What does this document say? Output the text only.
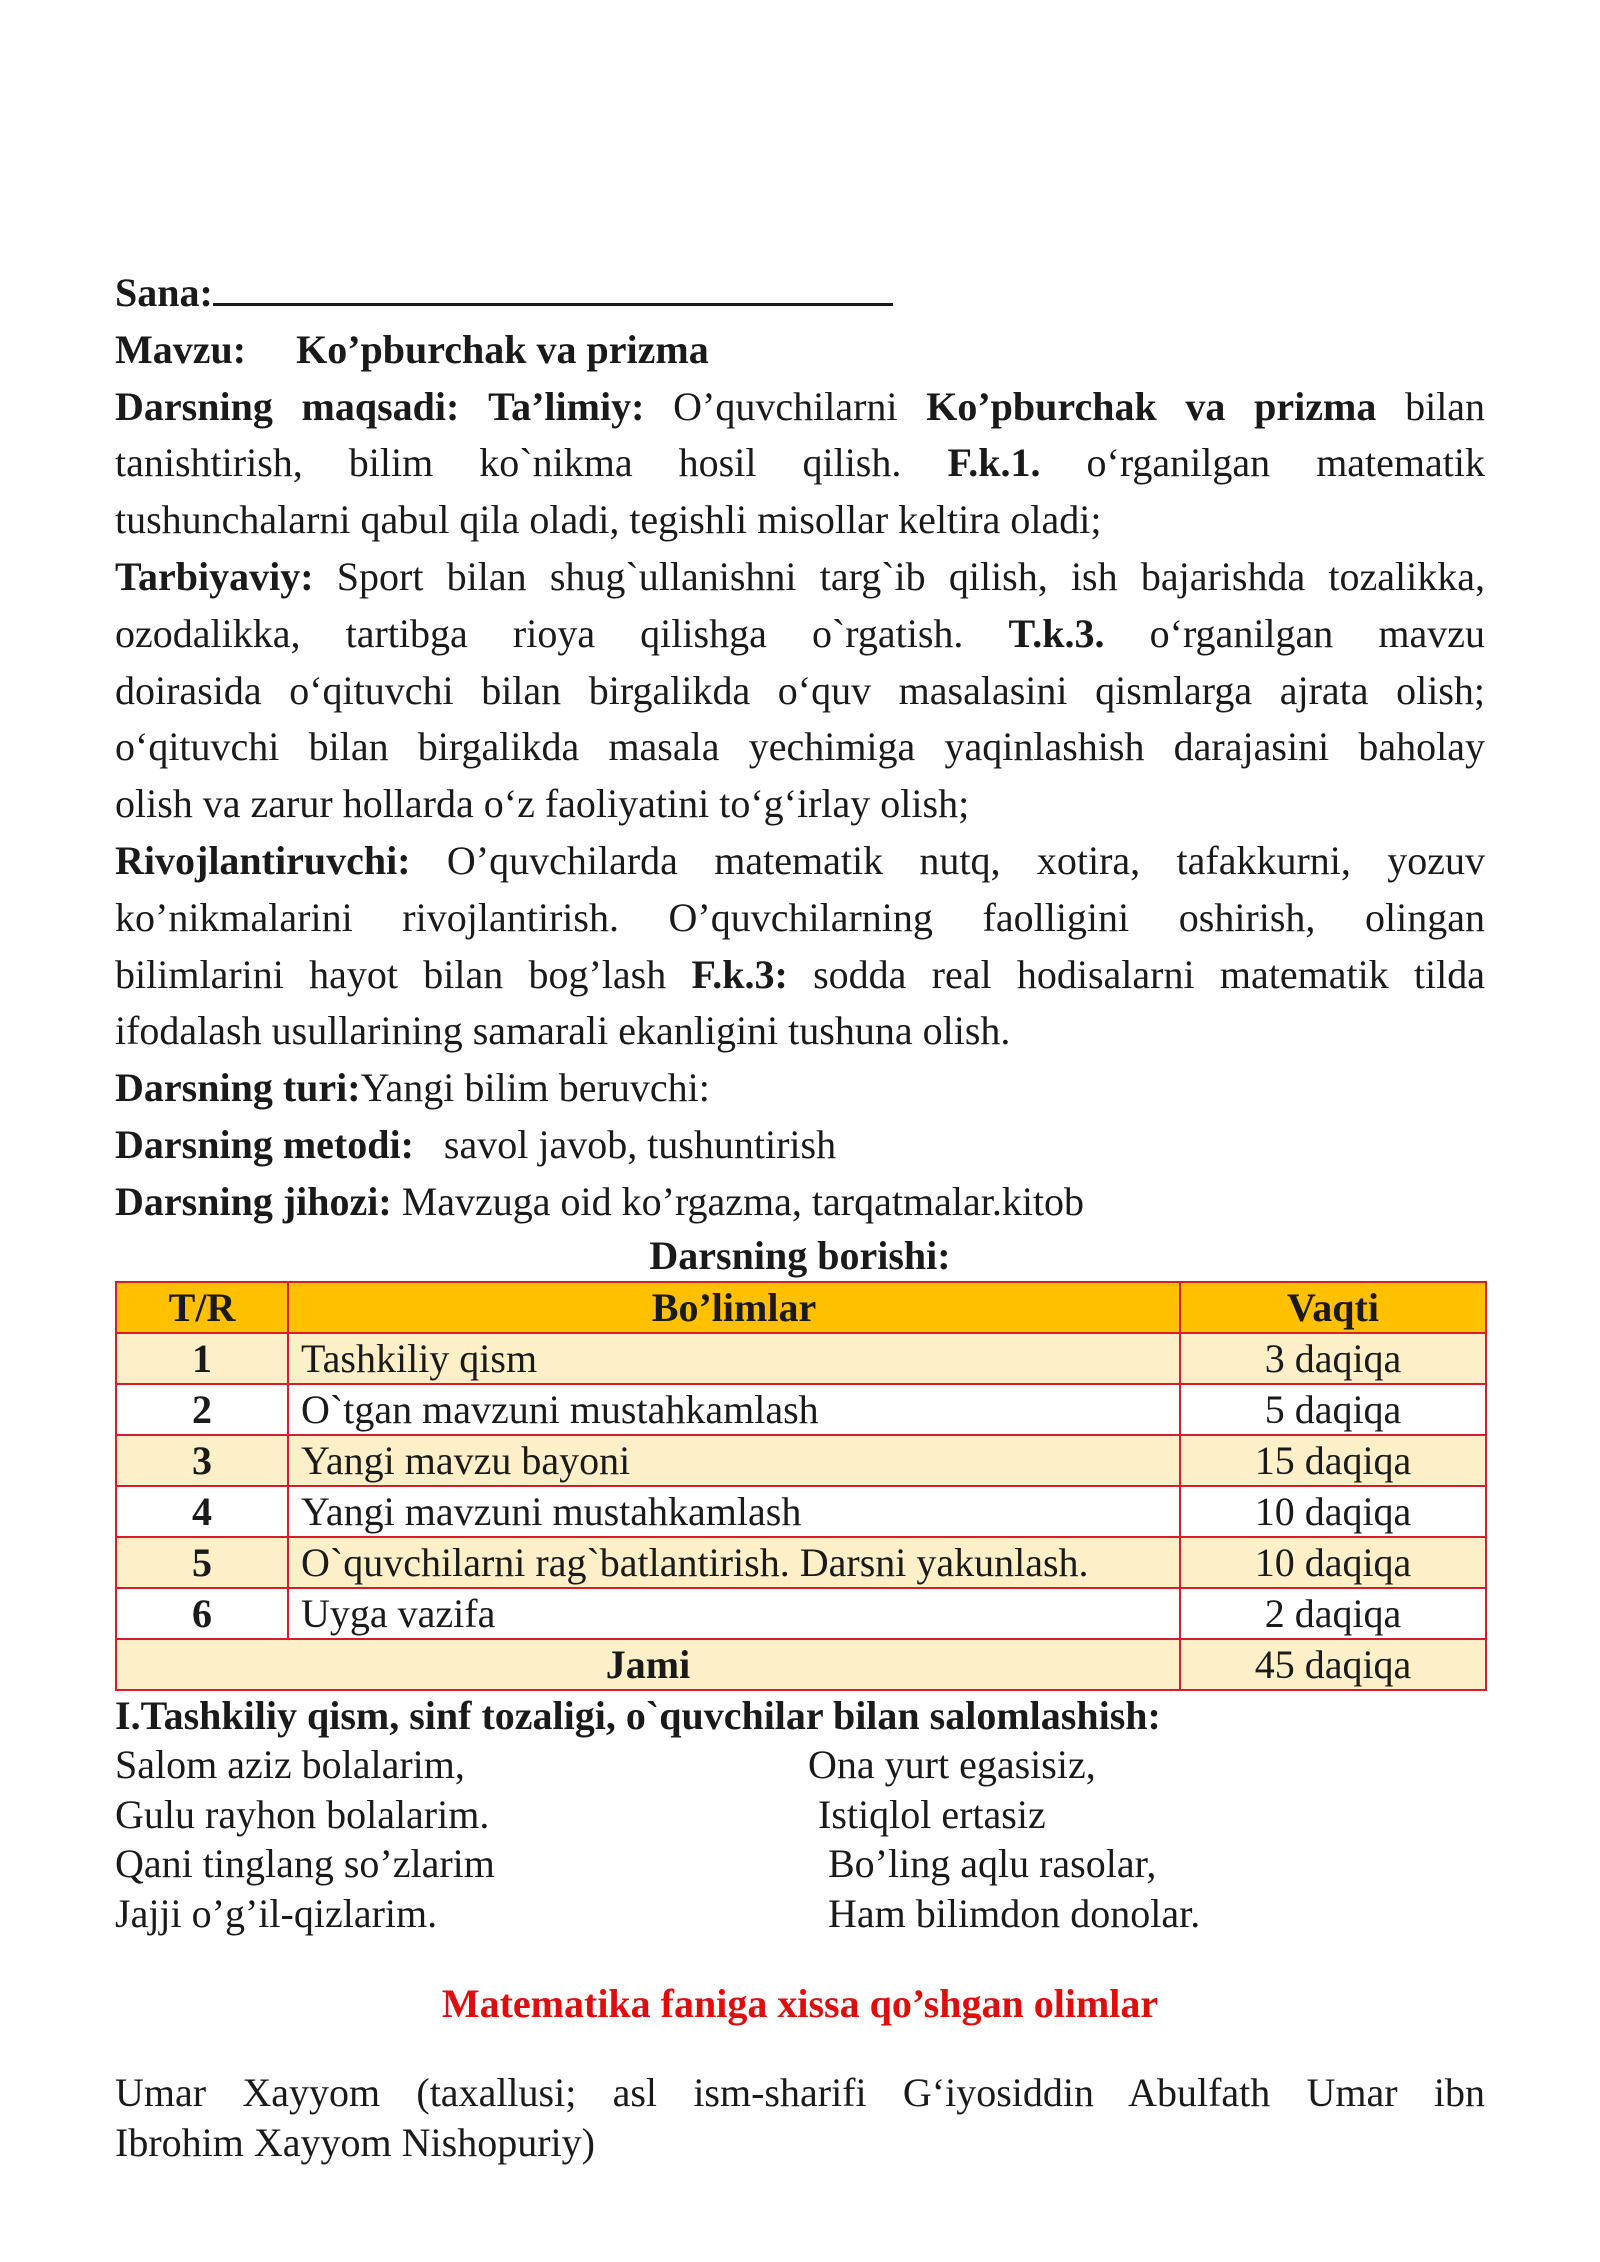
Sana:

Mavzu: Ko’pburchak va prizma

Darsning maqsadi: Ta’limiy: O’quvchilarni Ko’pburchak va prizma bilan

tanishtirish, bilim ko`nikma hosil qilish. F.k.1. o‘rganilgan matematik

tushunchalarni qabul qila oladi, tegishli misollar keltira oladi;

Tarbiyaviy: Sport bilan shug`ullanishni targ`ib qilish, ish bajarishda tozalikka,

ozodalikka, tartibga rioya qilishga o`rgatish. T.k.3. o‘rganilgan mavzu

doirasida o‘qituvchi bilan birgalikda o‘quv masalasini qismlarga ajrata olish;

o‘qituvchi bilan birgalikda masala yechimiga yaqinlashish darajasini baholay

olish va zarur hollarda o‘z faoliyatini to‘g‘irlay olish;

Rivojlantiruvchi: O’quvchilarda matematik nutq, xotira, tafakkurni, yozuv

ko’nikmalarini rivojlantirish. O’quvchilarning faolligini oshirish, olingan

bilimlarini hayot bilan bog’lash F.k.3: sodda real hodisalarni matematik tilda

ifodalash usullarining samarali ekanligini tushuna olish.

Darsning turi:Yangi bilim beruvchi:

Darsning metodi: savol javob, tushuntirish

Darsning jihozi: Mavzuga oid ko’rgazma, tarqatmalar.kitob

Darsning borishi:

T/R	Bo’limlar	Vaqti
1	Tashkiliy qism	3 daqiqa
2	O`tgan mavzuni mustahkamlash	5 daqiqa
3	Yangi mavzu bayoni	15 daqiqa
4	Yangi mavzuni mustahkamlash	10 daqiqa
5	O`quvchilarni rag`batlantirish. Darsni yakunlash.	10 daqiqa
6	Uyga vazifa	2 daqiqa
Jami		45 daqiqa

I.Tashkiliy qism, sinf tozaligi, o`quvchilar bilan salomlashish:

Salom aziz bolalarim,	Ona yurt egasisiz,
Gulu rayhon bolalarim.	Istiqlol ertasiz
Qani tinglang so’zlarim	Bo’ling aqlu rasolar,
Jajji o’g’il-qizlarim.	Ham bilimdon donolar.

Matematika faniga xissa qo’shgan olimlar

Umar Xayyom (taxallusi; asl ism-sharifi G‘iyosiddin Abulfath Umar ibn

Ibrohim Xayyom Nishopuriy)
